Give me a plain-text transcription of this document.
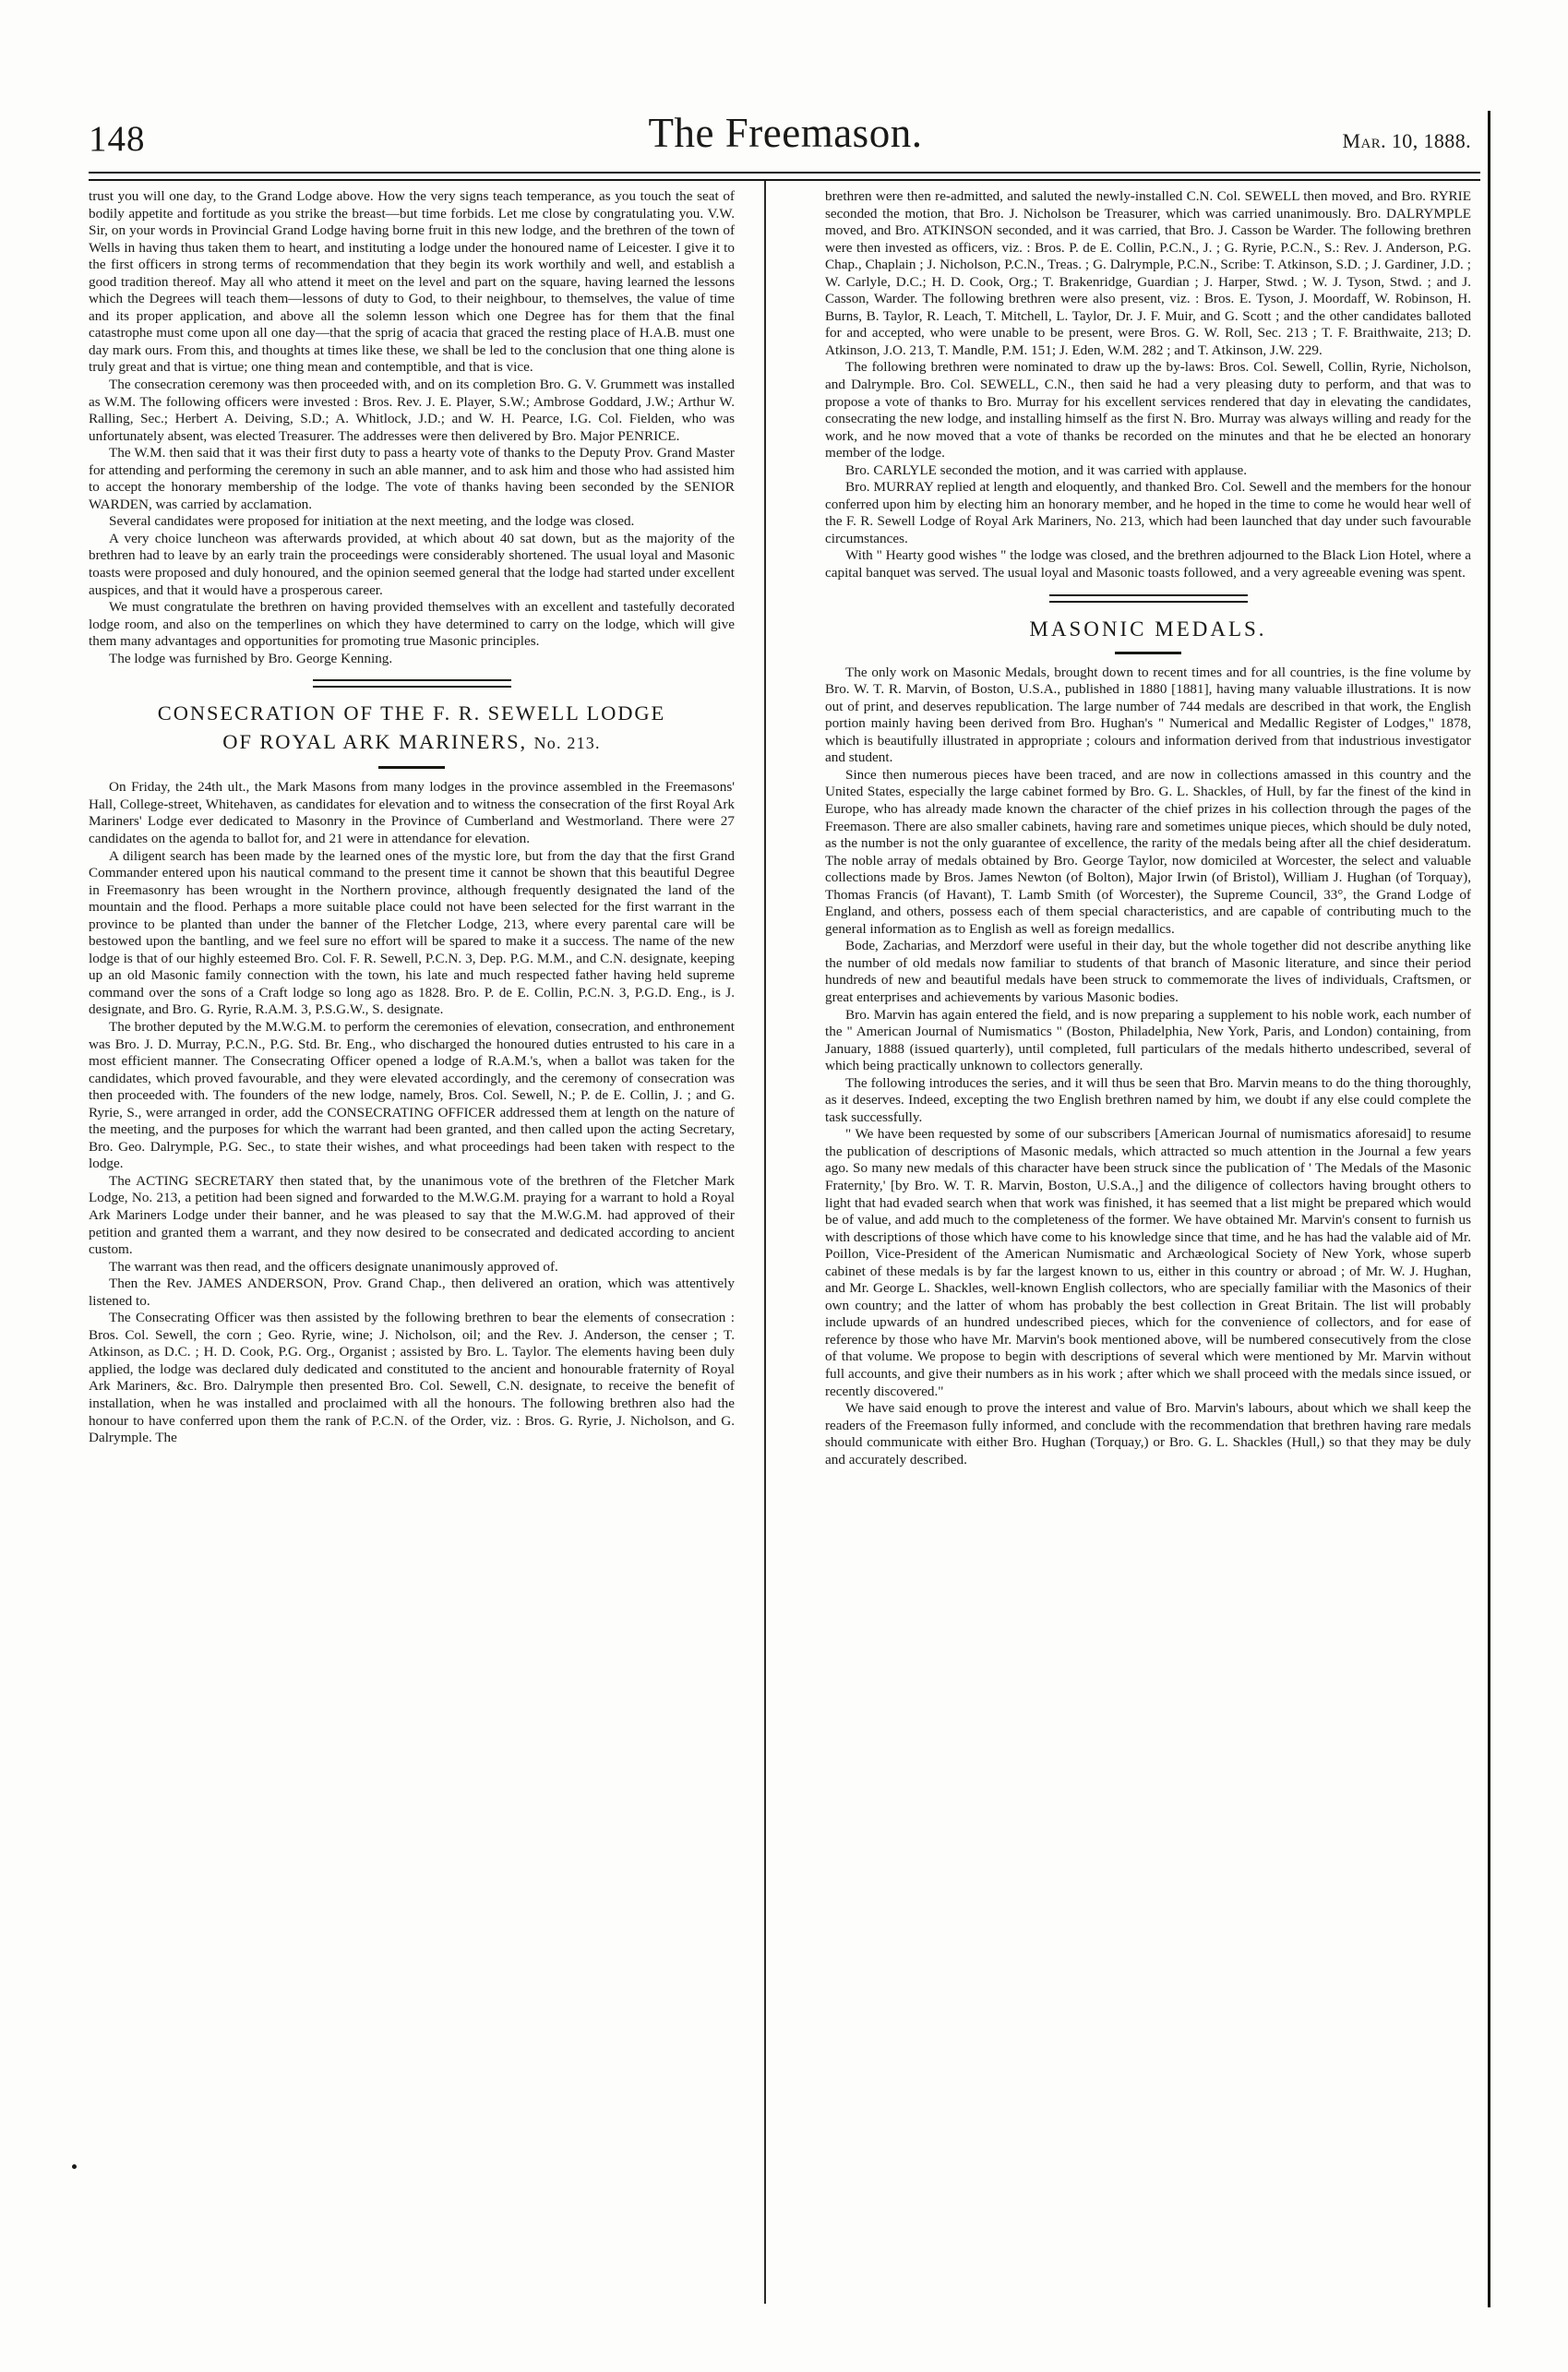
148	The Freemason.	Mar. 10, 1888.

trust you will one day, to the Grand Lodge above. How the very signs teach temperance, as you touch the seat of bodily appetite and fortitude as you strike the breast—but time forbids. Let me close by congratulating you. V.W. Sir, on your words in Provincial Grand Lodge having borne fruit in this new lodge, and the brethren of the town of Wells in having thus taken them to heart, and instituting a lodge under the honoured name of Leicester. I give it to the first officers in strong terms of recommendation that they begin its work worthily and well, and establish a good tradition thereof. May all who attend it meet on the level and part on the square, having learned the lessons which the Degrees will teach them—lessons of duty to God, to their neighbour, to themselves, the value of time and its proper application, and above all the solemn lesson which one Degree has for them that the final catastrophe must come upon all one day—that the sprig of acacia that graced the resting place of H.A.B. must one day mark ours. From this, and thoughts at times like these, we shall be led to the conclusion that one thing alone is truly great and that is virtue; one thing mean and contemptible, and that is vice.

The consecration ceremony was then proceeded with, and on its completion Bro. G. V. Grummett was installed as W.M. The following officers were invested : Bros. Rev. J. E. Player, S.W.; Ambrose Goddard, J.W.; Arthur W. Ralling, Sec.; Herbert A. Deiving, S.D.; A. Whitlock, J.D.; and W. H. Pearce, I.G. Col. Fielden, who was unfortunately absent, was elected Treasurer. The addresses were then delivered by Bro. Major PENRICE.

The W.M. then said that it was their first duty to pass a hearty vote of thanks to the Deputy Prov. Grand Master for attending and performing the ceremony in such an able manner, and to ask him and those who had assisted him to accept the honorary membership of the lodge. The vote of thanks having been seconded by the SENIOR WARDEN, was carried by acclamation.

Several candidates were proposed for initiation at the next meeting, and the lodge was closed.

A very choice luncheon was afterwards provided, at which about 40 sat down, but as the majority of the brethren had to leave by an early train the proceedings were considerably shortened. The usual loyal and Masonic toasts were proposed and duly honoured, and the opinion seemed general that the lodge had started under excellent auspices, and that it would have a prosperous career.

We must congratulate the brethren on having provided themselves with an excellent and tastefully decorated lodge room, and also on the temperlines on which they have determined to carry on the lodge, which will give them many advantages and opportunities for promoting true Masonic principles.

The lodge was furnished by Bro. George Kenning.

CONSECRATION OF THE F. R. SEWELL LODGE
OF ROYAL ARK MARINERS, No. 213.

On Friday, the 24th ult., the Mark Masons from many lodges in the province assembled in the Freemasons' Hall, College-street, Whitehaven, as candidates for elevation and to witness the consecration of the first Royal Ark Mariners' Lodge ever dedicated to Masonry in the Province of Cumberland and Westmorland. There were 27 candidates on the agenda to ballot for, and 21 were in attendance for elevation.

A diligent search has been made by the learned ones of the mystic lore, but from the day that the first Grand Commander entered upon his nautical command to the present time it cannot be shown that this beautiful Degree in Freemasonry has been wrought in the Northern province, although frequently designated the land of the mountain and the flood. Perhaps a more suitable place could not have been selected for the first warrant in the province to be planted than under the banner of the Fletcher Lodge, 213, where every parental care will be bestowed upon the bantling, and we feel sure no effort will be spared to make it a success. The name of the new lodge is that of our highly esteemed Bro. Col. F. R. Sewell, P.C.N. 3, Dep. P.G. M.M., and C.N. designate, keeping up an old Masonic family connection with the town, his late and much respected father having held supreme command over the sons of a Craft lodge so long ago as 1828. Bro. P. de E. Collin, P.C.N. 3, P.G.D. Eng., is J. designate, and Bro. G. Ryrie, R.A.M. 3, P.S.G.W., S. designate.

The brother deputed by the M.W.G.M. to perform the ceremonies of elevation, consecration, and enthronement was Bro. J. D. Murray, P.C.N., P.G. Std. Br. Eng., who discharged the honoured duties entrusted to his care in a most efficient manner. The Consecrating Officer opened a lodge of R.A.M.'s, when a ballot was taken for the candidates, which proved favourable, and they were elevated accordingly, and the ceremony of consecration was then proceeded with. The founders of the new lodge, namely, Bros. Col. Sewell, N.; P. de E. Collin, J. ; and G. Ryrie, S., were arranged in order, add the CONSECRATING OFFICER addressed them at length on the nature of the meeting, and the purposes for which the warrant had been granted, and then called upon the acting Secretary, Bro. Geo. Dalrymple, P.G. Sec., to state their wishes, and what proceedings had been taken with respect to the lodge.

The ACTING SECRETARY then stated that, by the unanimous vote of the brethren of the Fletcher Mark Lodge, No. 213, a petition had been signed and forwarded to the M.W.G.M. praying for a warrant to hold a Royal Ark Mariners Lodge under their banner, and he was pleased to say that the M.W.G.M. had approved of their petition and granted them a warrant, and they now desired to be consecrated and dedicated according to ancient custom.

The warrant was then read, and the officers designate unanimously approved of.

Then the Rev. JAMES ANDERSON, Prov. Grand Chap., then delivered an oration, which was attentively listened to.

The Consecrating Officer was then assisted by the following brethren to bear the elements of consecration : Bros. Col. Sewell, the corn ; Geo. Ryrie, wine; J. Nicholson, oil; and the Rev. J. Anderson, the censer ; T. Atkinson, as D.C. ; H. D. Cook, P.G. Org., Organist ; assisted by Bro. L. Taylor. The elements having been duly applied, the lodge was declared duly dedicated and constituted to the ancient and honourable fraternity of Royal Ark Mariners, &c. Bro. Dalrymple then presented Bro. Col. Sewell, C.N. designate, to receive the benefit of installation, when he was installed and proclaimed with all the honours. The following brethren also had the honour to have conferred upon them the rank of P.C.N. of the Order, viz. : Bros. G. Ryrie, J. Nicholson, and G. Dalrymple. The

brethren were then re-admitted, and saluted the newly-installed C.N. Col. SEWELL then moved, and Bro. RYRIE seconded the motion, that Bro. J. Nicholson be Treasurer, which was carried unanimously. Bro. DALRYMPLE moved, and Bro. ATKINSON seconded, and it was carried, that Bro. J. Casson be Warder. The following brethren were then invested as officers, viz. : Bros. P. de E. Collin, P.C.N., J. ; G. Ryrie, P.C.N., S.: Rev. J. Anderson, P.G. Chap., Chaplain ; J. Nicholson, P.C.N., Treas. ; G. Dalrymple, P.C.N., Scribe: T. Atkinson, S.D. ; J. Gardiner, J.D. ; W. Carlyle, D.C.; H. D. Cook, Org.; T. Brakenridge, Guardian ; J. Harper, Stwd. ; W. J. Tyson, Stwd. ; and J. Casson, Warder. The following brethren were also present, viz. : Bros. E. Tyson, J. Moordaff, W. Robinson, H. Burns, B. Taylor, R. Leach, T. Mitchell, L. Taylor, Dr. J. F. Muir, and G. Scott ; and the other candidates balloted for and accepted, who were unable to be present, were Bros. G. W. Roll, Sec. 213 ; T. F. Braithwaite, 213; D. Atkinson, J.O. 213, T. Mandle, P.M. 151; J. Eden, W.M. 282 ; and T. Atkinson, J.W. 229.

The following brethren were nominated to draw up the by-laws: Bros. Col. Sewell, Collin, Ryrie, Nicholson, and Dalrymple. Bro. Col. SEWELL, C.N., then said he had a very pleasing duty to perform, and that was to propose a vote of thanks to Bro. Murray for his excellent services rendered that day in elevating the candidates, consecrating the new lodge, and installing himself as the first N. Bro. Murray was always willing and ready for the work, and he now moved that a vote of thanks be recorded on the minutes and that he be elected an honorary member of the lodge.

Bro. CARLYLE seconded the motion, and it was carried with applause.

Bro. MURRAY replied at length and eloquently, and thanked Bro. Col. Sewell and the members for the honour conferred upon him by electing him an honorary member, and he hoped in the time to come he would hear well of the F. R. Sewell Lodge of Royal Ark Mariners, No. 213, which had been launched that day under such favourable circumstances.

With " Hearty good wishes " the lodge was closed, and the brethren adjourned to the Black Lion Hotel, where a capital banquet was served. The usual loyal and Masonic toasts followed, and a very agreeable evening was spent.

MASONIC MEDALS.

The only work on Masonic Medals, brought down to recent times and for all countries, is the fine volume by Bro. W. T. R. Marvin, of Boston, U.S.A., published in 1880 [1881], having many valuable illustrations. It is now out of print, and deserves republication. The large number of 744 medals are described in that work, the English portion mainly having been derived from Bro. Hughan's " Numerical and Medallic Register of Lodges," 1878, which is beautifully illustrated in appropriate ; colours and information derived from that industrious investigator and student.

Since then numerous pieces have been traced, and are now in collections amassed in this country and the United States, especially the large cabinet formed by Bro. G. L. Shackles, of Hull, by far the finest of the kind in Europe, who has already made known the character of the chief prizes in his collection through the pages of the Freemason. There are also smaller cabinets, having rare and sometimes unique pieces, which should be duly noted, as the number is not the only guarantee of excellence, the rarity of the medals being after all the chief desideratum. The noble array of medals obtained by Bro. George Taylor, now domiciled at Worcester, the select and valuable collections made by Bros. James Newton (of Bolton), Major Irwin (of Bristol), William J. Hughan (of Torquay), Thomas Francis (of Havant), T. Lamb Smith (of Worcester), the Supreme Council, 33°, the Grand Lodge of England, and others, possess each of them special characteristics, and are capable of contributing much to the general information as to English as well as foreign medallics.

Bode, Zacharias, and Merzdorf were useful in their day, but the whole together did not describe anything like the number of old medals now familiar to students of that branch of Masonic literature, and since their period hundreds of new and beautiful medals have been struck to commemorate the lives of individuals, Craftsmen, or great enterprises and achievements by various Masonic bodies.

Bro. Marvin has again entered the field, and is now preparing a supplement to his noble work, each number of the " American Journal of Numismatics " (Boston, Philadelphia, New York, Paris, and London) containing, from January, 1888 (issued quarterly), until completed, full particulars of the medals hitherto undescribed, several of which being practically unknown to collectors generally.

The following introduces the series, and it will thus be seen that Bro. Marvin means to do the thing thoroughly, as it deserves. Indeed, excepting the two English brethren named by him, we doubt if any else could complete the task successfully.

" We have been requested by some of our subscribers [American Journal of numismatics aforesaid] to resume the publication of descriptions of Masonic medals, which attracted so much attention in the Journal a few years ago. So many new medals of this character have been struck since the publication of ' The Medals of the Masonic Fraternity,' [by Bro. W. T. R. Marvin, Boston, U.S.A.,] and the diligence of collectors having brought others to light that had evaded search when that work was finished, it has seemed that a list might be prepared which would be of value, and add much to the completeness of the former. We have obtained Mr. Marvin's consent to furnish us with descriptions of those which have come to his knowledge since that time, and he has had the valable aid of Mr. Poillon, Vice-President of the American Numismatic and Archæological Society of New York, whose superb cabinet of these medals is by far the largest known to us, either in this country or abroad ; of Mr. W. J. Hughan, and Mr. George L. Shackles, well-known English collectors, who are specially familiar with the Masonics of their own country; and the latter of whom has probably the best collection in Great Britain. The list will probably include upwards of an hundred undescribed pieces, which for the convenience of collectors, and for ease of reference by those who have Mr. Marvin's book mentioned above, will be numbered consecutively from the close of that volume. We propose to begin with descriptions of several which were mentioned by Mr. Marvin without full accounts, and give their numbers as in his work ; after which we shall proceed with the medals since issued, or recently discovered."

We have said enough to prove the interest and value of Bro. Marvin's labours, about which we shall keep the readers of the Freemason fully informed, and conclude with the recommendation that brethren having rare medals should communicate with either Bro. Hughan (Torquay,) or Bro. G. L. Shackles (Hull,) so that they may be duly and accurately described.
